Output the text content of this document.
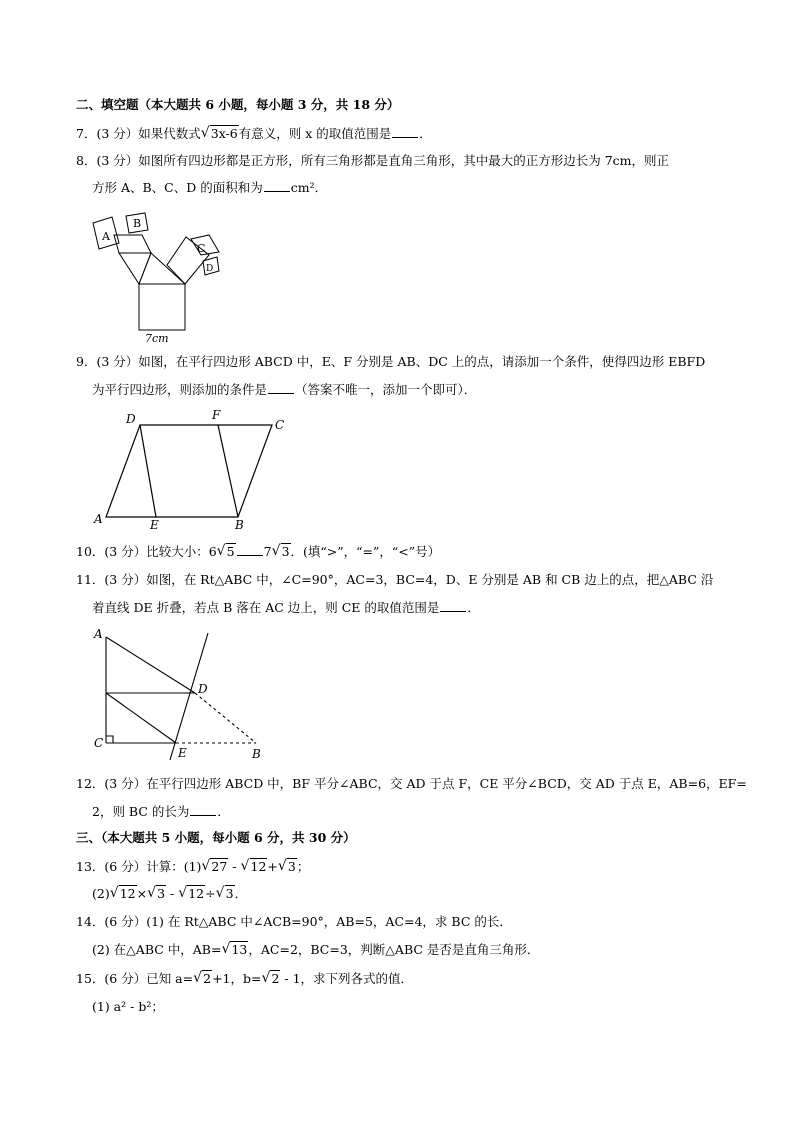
二、填空题（本大题共 6 小题，每小题 3 分，共 18 分）
7．(3 分）如果代数式 √ 3x-6有意义，则 x 的取值范围是 ．
8．(3 分）如图所有四边形都是正方形，所有三角形都是直角三角形，其中最大的正方形边长为 7cm，则正
方形 A、B、C、D 的面积和为 cm²．
A
B
C
D
7cm
9．(3 分）如图，在平行四边形 ABCD 中，E、F 分别是 AB、DC 上的点，请添加一个条件，使得四边形 EBFD
为平行四边形，则添加的条件是 （答案不唯一，添加一个即可）．
A	E	B
C
F
D
10．(3 分）比较大小：6 √ 5 7 √ 3．(填“>”，“=”，“<”号）
11．(3 分）如图，在 Rt△ABC 中，∠C=90°，AC=3，BC=4，D、E 分别是 AB 和 CB 边上的点，把△ABC 沿
着直线 DE 折叠，若点 B 落在 AC 边上，则 CE 的取值范围是 ．
A
C
D
E	B
12．(3 分）在平行四边形 ABCD 中，BF 平分∠ABC，交 AD 于点 F，CE 平分∠BCD，交 AD 于点 E，AB=6，EF=
2，则 BC 的长为 ．
三、（本大题共 5 小题，每小题 6 分，共 30 分）
13．(6 分）计算：(1) √ 27 - √ 12+ √ 3；
(2) √ 12× √ 3 - √ 12÷ √ 3．
14．(6 分）(1) 在 Rt△ABC 中∠ACB=90°，AB=5，AC=4，求 BC 的长．
(2) 在△ABC 中，AB= √ 13，AC=2，BC=3，判断△ABC 是否是直角三角形．
15．(6 分）已知 a= √ 2+1，b= √ 2 - 1，求下列各式的值．
(1) a² - b²；
